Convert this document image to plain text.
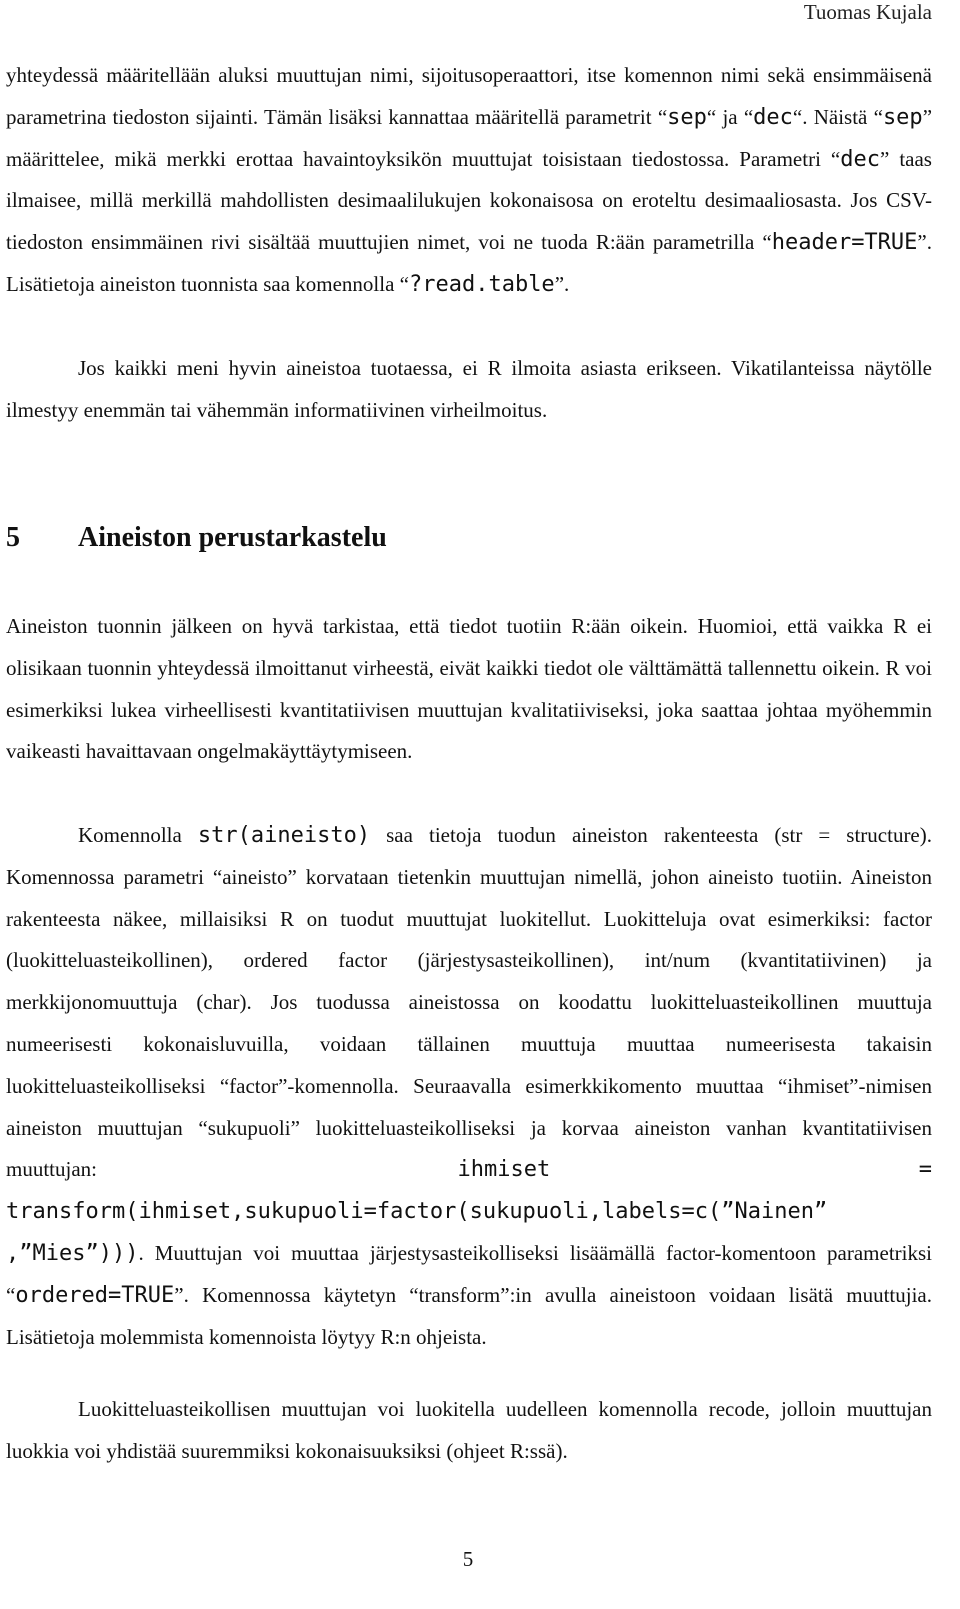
Tuomas Kujala

yhteydessä määritellään aluksi muuttujan nimi, sijoitusoperaattori, itse komennon nimi sekä ensimmäisenä parametrina tiedoston sijainti. Tämän lisäksi kannattaa määritellä parametrit “sep“ ja “dec“. Näistä “sep” määrittelee, mikä merkki erottaa havaintoyksikön muuttujat toisistaan tiedostossa. Parametri “dec” taas ilmaisee, millä merkillä mahdollisten desimaalilukujen kokonaisosa on eroteltu desimaaliosasta. Jos CSV-tiedoston ensimmäinen rivi sisältää muuttujien nimet, voi ne tuoda R:ään parametrilla “header=TRUE”. Lisätietoja aineiston tuonnista saa komennolla “?read.table”.

Jos kaikki meni hyvin aineistoa tuotaessa, ei R ilmoita asiasta erikseen. Vikatilanteissa näytölle ilmestyy enemmän tai vähemmän informatiivinen virheilmoitus.

5 Aineiston perustarkastelu

Aineiston tuonnin jälkeen on hyvä tarkistaa, että tiedot tuotiin R:ään oikein. Huomioi, että vaikka R ei olisikaan tuonnin yhteydessä ilmoittanut virheestä, eivät kaikki tiedot ole välttämättä tallennettu oikein. R voi esimerkiksi lukea virheellisesti kvantitatiivisen muuttujan kvalitatiiviseksi, joka saattaa johtaa myöhemmin vaikeasti havaittavaan ongelmakäyttäytymiseen.

Komennolla str(aineisto) saa tietoja tuodun aineiston rakenteesta (str = structure). Komennossa parametri “aineisto” korvataan tietenkin muuttujan nimellä, johon aineisto tuotiin. Aineiston rakenteesta näkee, millaisiksi R on tuodut muuttujat luokitellut. Luokitteluja ovat esimerkiksi: factor (luokitteluasteikollinen), ordered factor (järjestysasteikollinen), int/num (kvantitatiivinen) ja merkkijonomuuttuja (char). Jos tuodussa aineistossa on koodattu luokitteluasteikollinen muuttuja numeerisesti kokonaisluvuilla, voidaan tällainen muuttuja muuttaa numeerisesta takaisin luokitteluasteikolliseksi “factor”-komennolla. Seuraavalla esimerkkikomento muuttaa “ihmiset”-nimisen aineiston muuttujan “sukupuoli” luokitteluasteikolliseksi ja korvaa aineiston vanhan kvantitatiivisen muuttujan: ihmiset = transform(ihmiset,sukupuoli=factor(sukupuoli,labels=c(”Nainen” ,”Mies”))). Muuttujan voi muuttaa järjestysasteikolliseksi lisäämällä factor-komentoon parametriksi “ordered=TRUE”. Komennossa käytetyn “transform”:in avulla aineistoon voidaan lisätä muuttujia. Lisätietoja molemmista komennoista löytyy R:n ohjeista.

Luokitteluasteikollisen muuttujan voi luokitella uudelleen komennolla recode, jolloin muuttujan luokkia voi yhdistää suuremmiksi kokonaisuuksiksi (ohjeet R:ssä).

5
